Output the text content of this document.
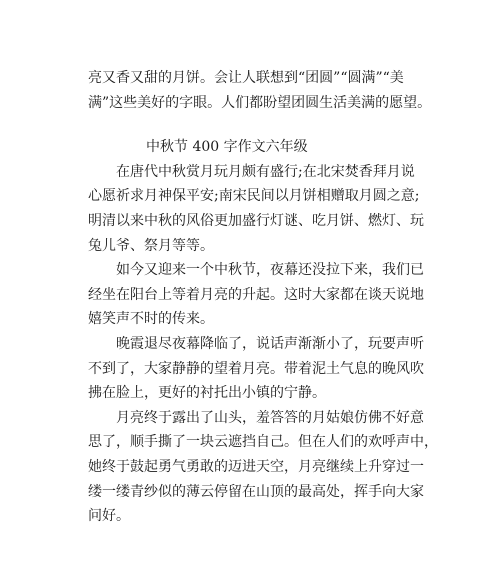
亮又香又甜的月饼。会让人联想到“团圆”“圆满”“美

满”这些美好的字眼。人们都盼望团圆生活美满的愿望。

中秋节 400 字作文六年级

在唐代中秋赏月玩月颇有盛行;在北宋焚香拜月说

心愿祈求月神保平安;南宋民间以月饼相赠取月圆之意;

明清以来中秋的风俗更加盛行灯谜、吃月饼、燃灯、玩

兔儿爷、祭月等等。

如今又迎来一个中秋节，夜幕还没拉下来，我们已

经坐在阳台上等着月亮的升起。这时大家都在谈天说地

嬉笑声不时的传来。

晚霞退尽夜幕降临了，说话声渐渐小了，玩要声听

不到了，大家静静的望着月亮。带着泥土气息的晚风吹

拂在脸上，更好的衬托出小镇的宁静。

月亮终于露出了山头，羞答答的月姑娘仿佛不好意

思了，顺手撕了一块云遮挡自己。但在人们的欢呼声中，

她终于鼓起勇气勇敢的迈进天空，月亮继续上升穿过一

缕一缕青纱似的薄云停留在山顶的最高处，挥手向大家

问好。
